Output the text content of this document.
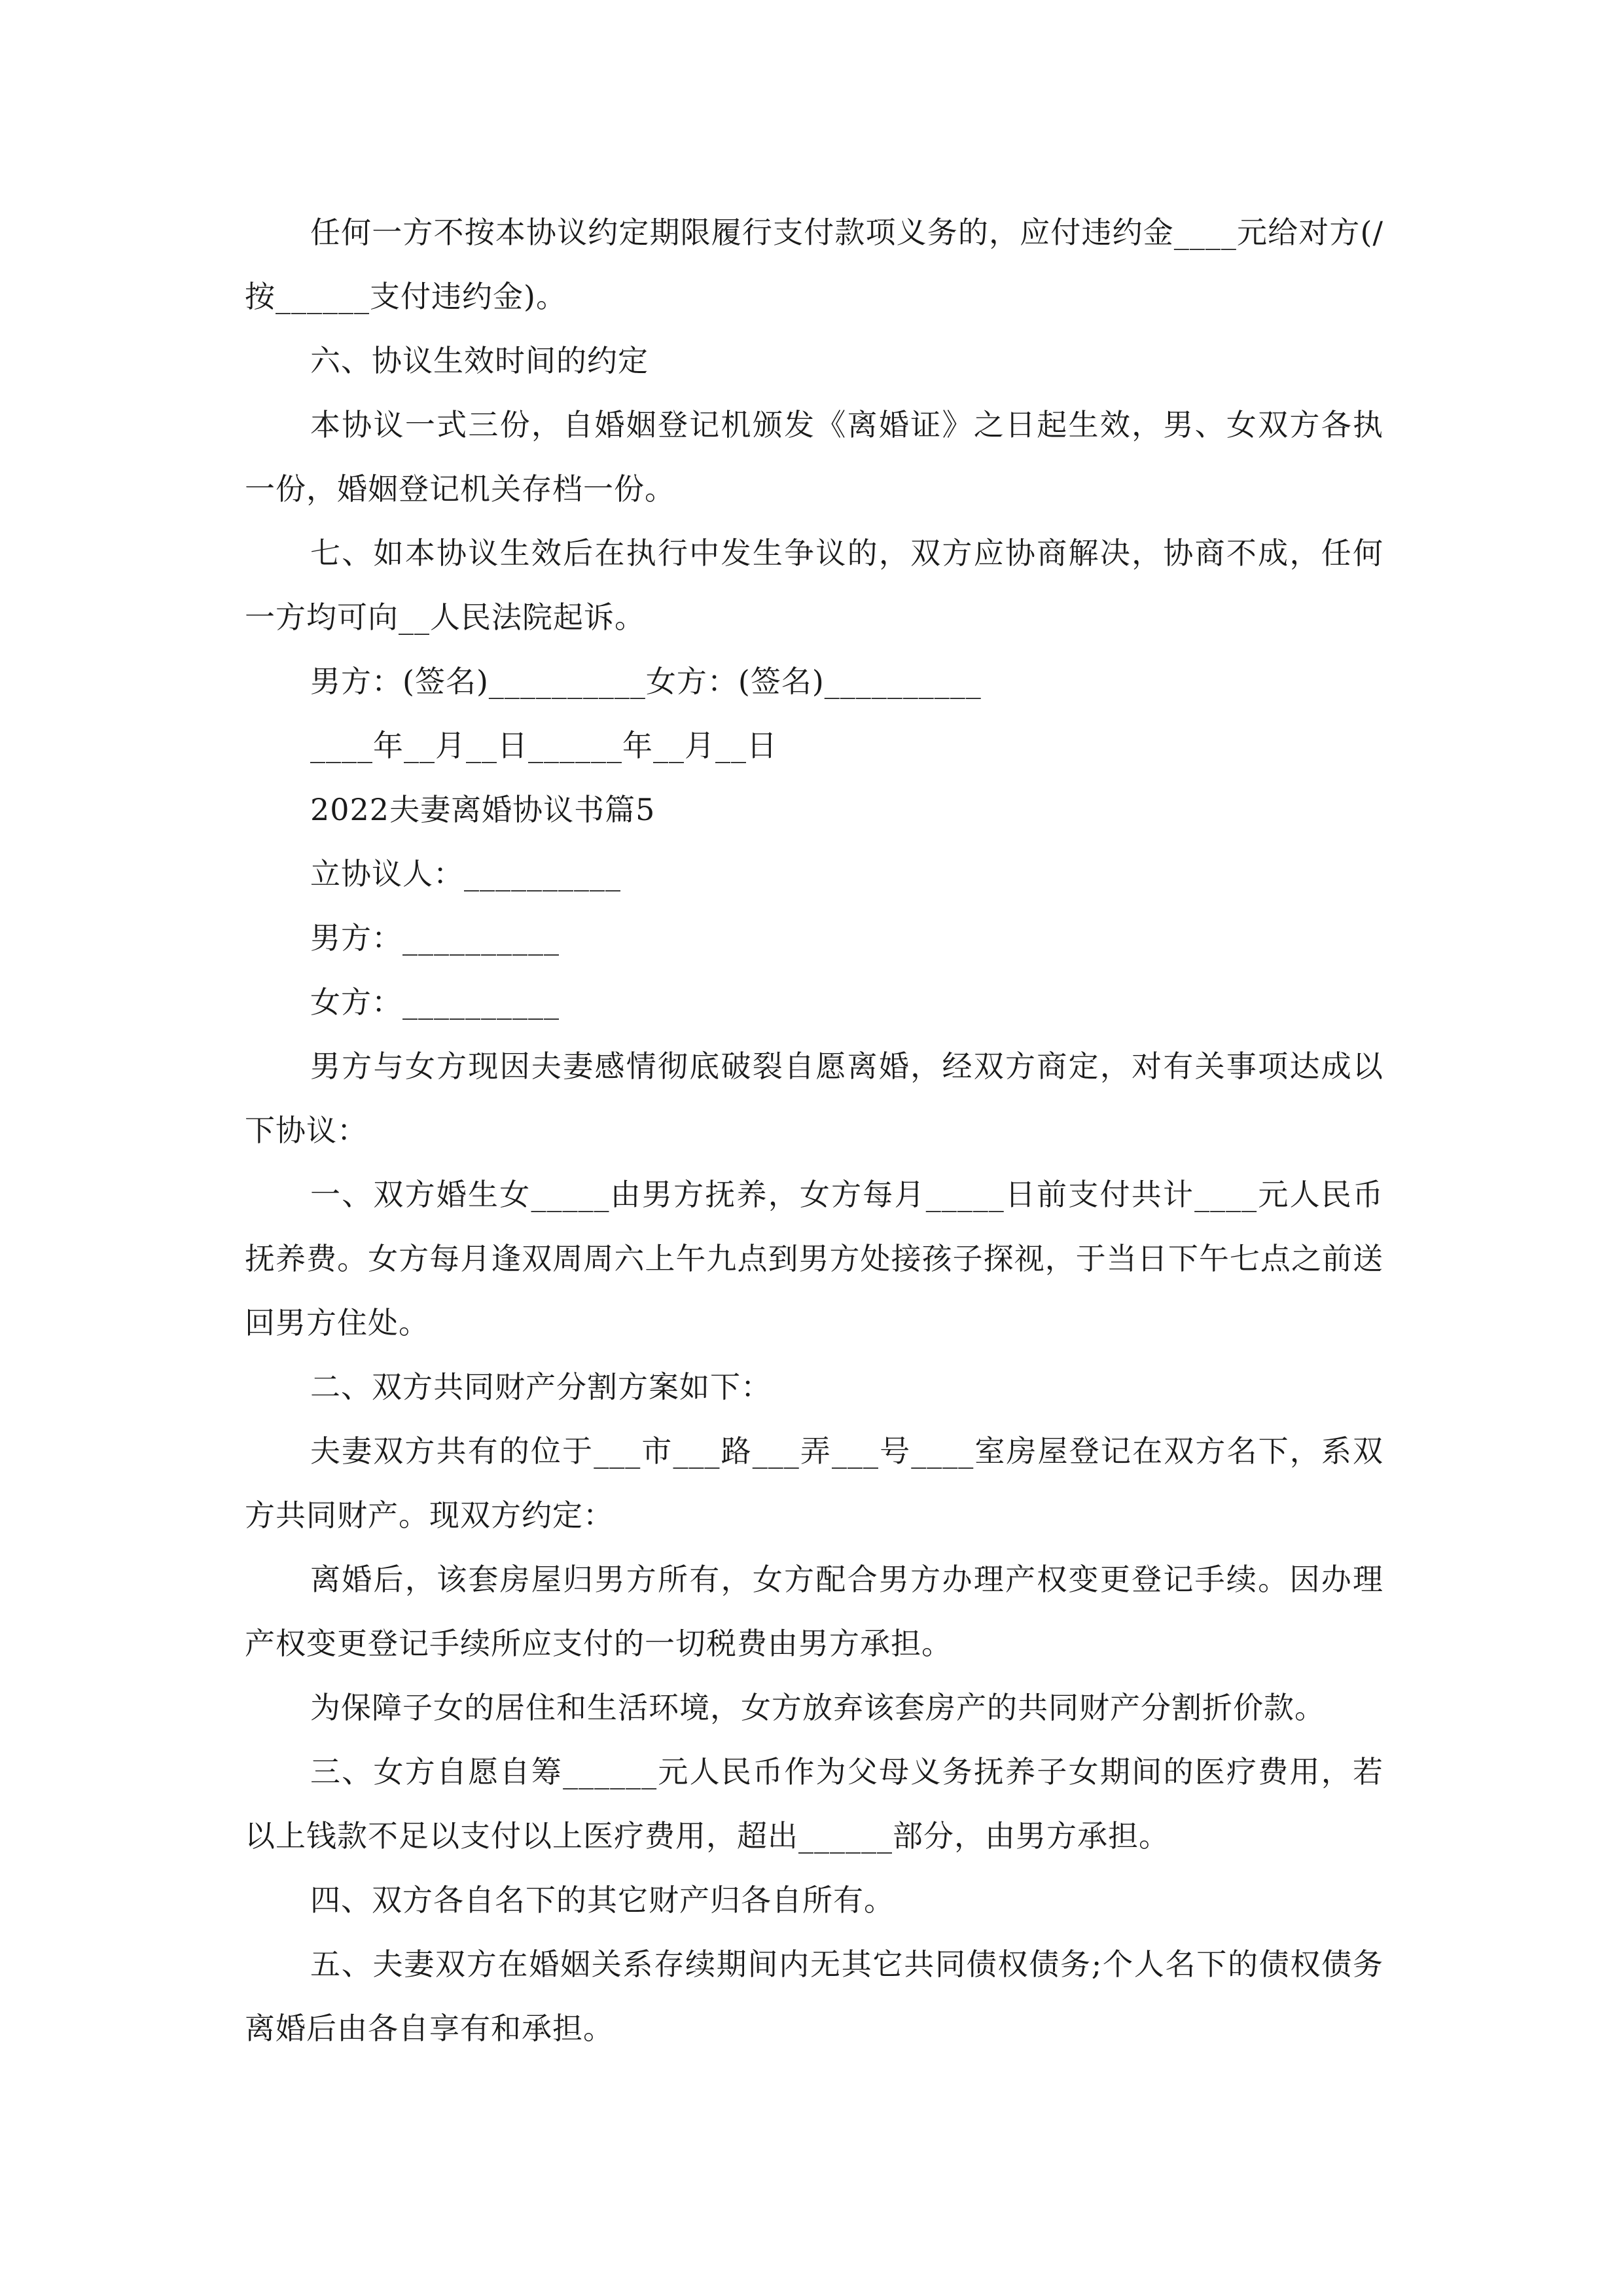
任何一方不按本协议约定期限履行支付款项义务的，应付违约金____元给对方(/按______支付违约金)。

六、协议生效时间的约定

本协议一式三份，自婚姻登记机颁发《离婚证》之日起生效，男、女双方各执一份，婚姻登记机关存档一份。

七、如本协议生效后在执行中发生争议的，双方应协商解决，协商不成，任何一方均可向__人民法院起诉。

男方：(签名)__________女方：(签名)__________

____年__月__日______年__月__日

2022夫妻离婚协议书篇5

立协议人：__________

男方：__________

女方：__________

男方与女方现因夫妻感情彻底破裂自愿离婚，经双方商定，对有关事项达成以下协议：

一、双方婚生女_____由男方抚养，女方每月_____日前支付共计____元人民币抚养费。女方每月逢双周周六上午九点到男方处接孩子探视，于当日下午七点之前送回男方住处。

二、双方共同财产分割方案如下：

夫妻双方共有的位于___市___路___弄___号____室房屋登记在双方名下，系双方共同财产。现双方约定：

离婚后，该套房屋归男方所有，女方配合男方办理产权变更登记手续。因办理产权变更登记手续所应支付的一切税费由男方承担。

为保障子女的居住和生活环境，女方放弃该套房产的共同财产分割折价款。

三、女方自愿自筹______元人民币作为父母义务抚养子女期间的医疗费用，若以上钱款不足以支付以上医疗费用，超出______部分，由男方承担。

四、双方各自名下的其它财产归各自所有。

五、夫妻双方在婚姻关系存续期间内无其它共同债权债务;个人名下的债权债务离婚后由各自享有和承担。
